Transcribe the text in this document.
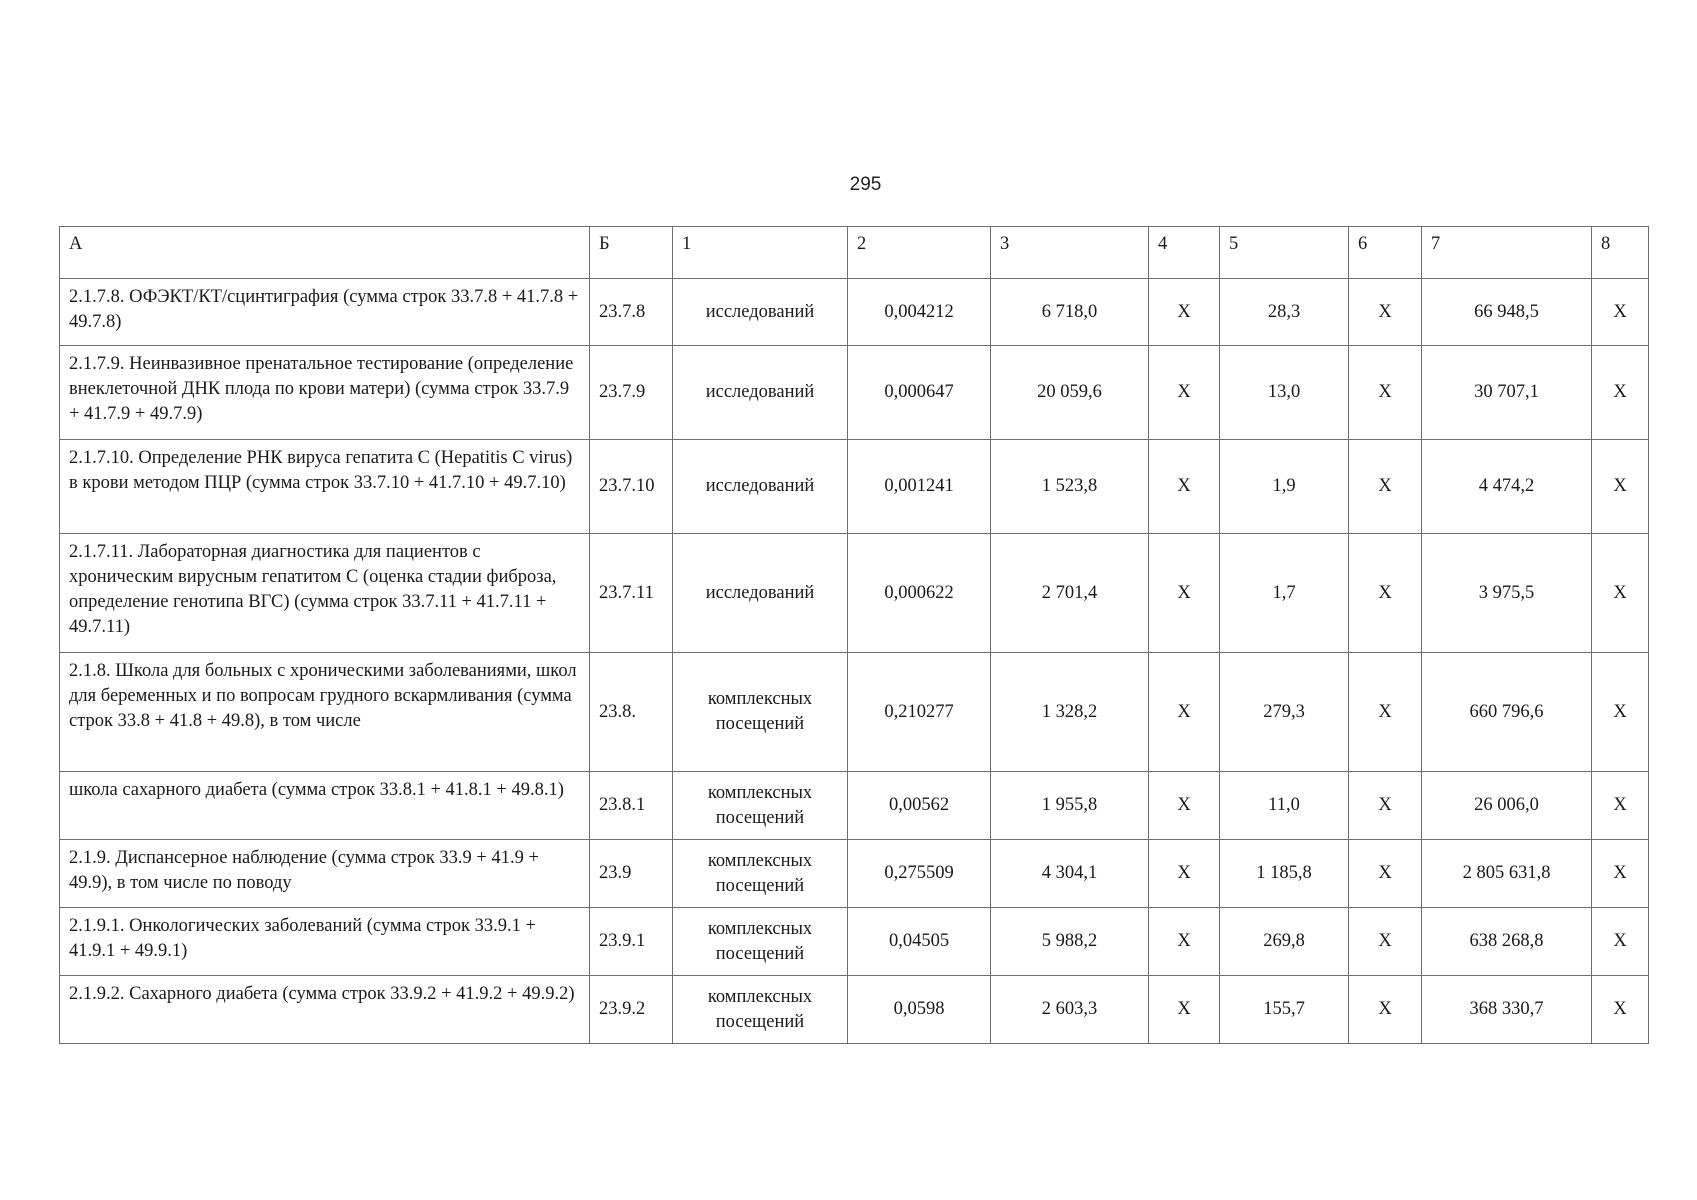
295
А	Б	1	2	3	4	5	6	7	8
2.1.7.8. ОФЭКТ/КТ/сцинтиграфия (сумма строк 33.7.8 + 41.7.8 + 49.7.8)	23.7.8	исследований	0,004212	6 718,0	Х	28,3	Х	66 948,5	Х
2.1.7.9. Неинвазивное пренатальное тестирование (определение внеклеточной ДНК плода по крови матери) (сумма строк 33.7.9 + 41.7.9 + 49.7.9)	23.7.9	исследований	0,000647	20 059,6	Х	13,0	Х	30 707,1	Х
2.1.7.10. Определение РНК вируса гепатита С (Hepatitis C virus) в крови методом ПЦР (сумма строк 33.7.10 + 41.7.10 + 49.7.10)	23.7.10	исследований	0,001241	1 523,8	Х	1,9	Х	4 474,2	Х
2.1.7.11. Лабораторная диагностика для пациентов с хроническим вирусным гепатитом С (оценка стадии фиброза, определение генотипа ВГС) (сумма строк 33.7.11 + 41.7.11 + 49.7.11)	23.7.11	исследований	0,000622	2 701,4	Х	1,7	Х	3 975,5	Х
2.1.8. Школа для больных с хроническими заболеваниями, школ для беременных и по вопросам грудного вскармливания (сумма строк 33.8 + 41.8 + 49.8), в том числе	23.8.	комплексных посещений	0,210277	1 328,2	Х	279,3	Х	660 796,6	Х
школа сахарного диабета (сумма строк 33.8.1 + 41.8.1 + 49.8.1)	23.8.1	комплексных посещений	0,00562	1 955,8	Х	11,0	Х	26 006,0	Х
2.1.9. Диспансерное наблюдение (сумма строк 33.9 + 41.9 + 49.9), в том числе по поводу	23.9	комплексных посещений	0,275509	4 304,1	Х	1 185,8	Х	2 805 631,8	Х
2.1.9.1. Онкологических заболеваний (сумма строк 33.9.1 + 41.9.1 + 49.9.1)	23.9.1	комплексных посещений	0,04505	5 988,2	Х	269,8	Х	638 268,8	Х
2.1.9.2. Сахарного диабета (сумма строк 33.9.2 + 41.9.2 + 49.9.2)	23.9.2	комплексных посещений	0,0598	2 603,3	Х	155,7	Х	368 330,7	Х
